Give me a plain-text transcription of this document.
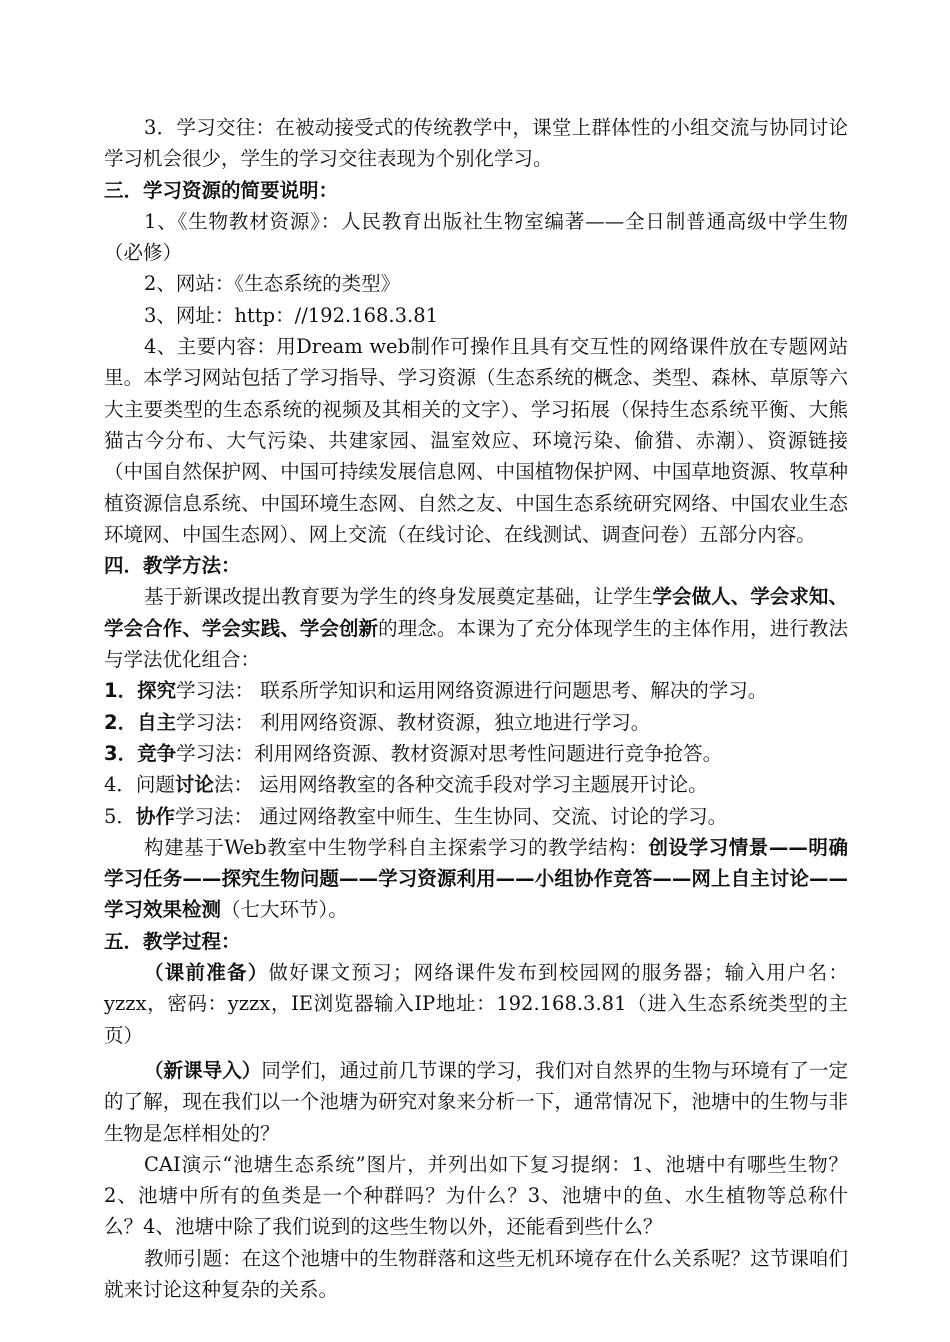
3．学习交往：在被动接受式的传统教学中，课堂上群体性的小组交流与协同讨论学习机会很少，学生的学习交往表现为个别化学习。

三．学习资源的简要说明：

1、《生物教材资源》：人民教育出版社生物室编著——全日制普通高级中学生物（必修）

2、网站：《生态系统的类型》

3、网址：http：//192.168.3.81

4、主要内容：用Dream web制作可操作且具有交互性的网络课件放在专题网站里。本学习网站包括了学习指导、学习资源（生态系统的概念、类型、森林、草原等六大主要类型的生态系统的视频及其相关的文字）、学习拓展（保持生态系统平衡、大熊猫古今分布、大气污染、共建家园、温室效应、环境污染、偷猎、赤潮）、资源链接（中国自然保护网、中国可持续发展信息网、中国植物保护网、中国草地资源、牧草种植资源信息系统、中国环境生态网、自然之友、中国生态系统研究网络、中国农业生态环境网、中国生态网）、网上交流（在线讨论、在线测试、调查问卷）五部分内容。

四．教学方法：

基于新课改提出教育要为学生的终身发展奠定基础，让学生学会做人、学会求知、学会合作、学会实践、学会创新的理念。本课为了充分体现学生的主体作用，进行教法与学法优化组合：

1．探究学习法： 联系所学知识和运用网络资源进行问题思考、解决的学习。

2．自主学习法： 利用网络资源、教材资源，独立地进行学习。

3．竞争学习法：利用网络资源、教材资源对思考性问题进行竞争抢答。

4．问题讨论法： 运用网络教室的各种交流手段对学习主题展开讨论。

5．协作学习法： 通过网络教室中师生、生生协同、交流、讨论的学习。

构建基于Web教室中生物学科自主探索学习的教学结构：创设学习情景——明确学习任务——探究生物问题——学习资源利用——小组协作竞答——网上自主讨论——学习效果检测（七大环节）。

五．教学过程：

（课前准备）做好课文预习；网络课件发布到校园网的服务器；输入用户名：yzzx，密码：yzzx，IE浏览器输入IP地址：192.168.3.81（进入生态系统类型的主页）

（新课导入）同学们，通过前几节课的学习，我们对自然界的生物与环境有了一定的了解，现在我们以一个池塘为研究对象来分析一下，通常情况下，池塘中的生物与非生物是怎样相处的？

CAI演示“池塘生态系统”图片，并列出如下复习提纲：1、池塘中有哪些生物？2、池塘中所有的鱼类是一个种群吗？为什么？3、池塘中的鱼、水生植物等总称什么？4、池塘中除了我们说到的这些生物以外，还能看到些什么？

教师引题：在这个池塘中的生物群落和这些无机环境存在什么关系呢？这节课咱们就来讨论这种复杂的关系。
